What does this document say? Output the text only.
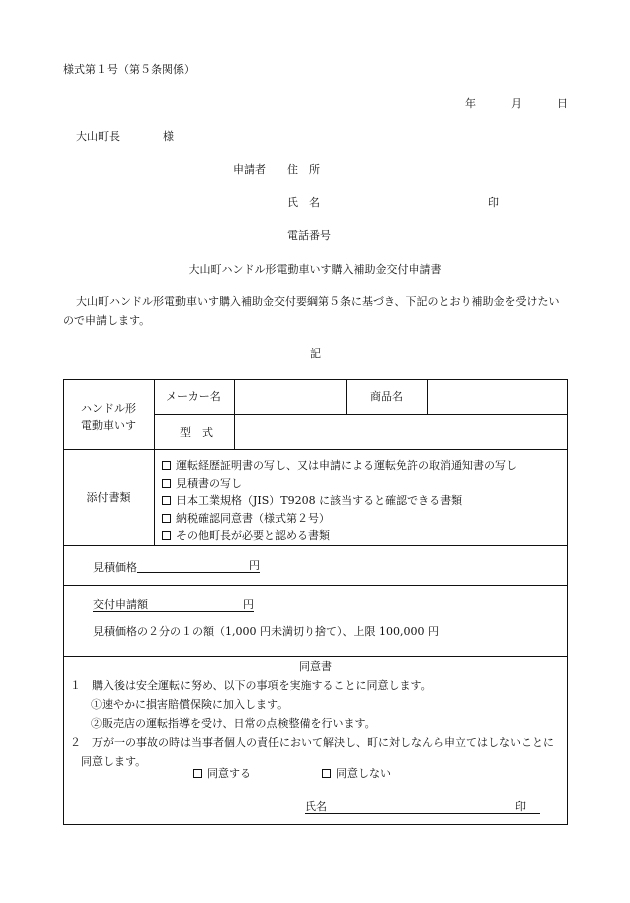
様式第１号（第５条関係）
年	月	日
大山町長	様
申請者 住　所
氏　名	印
電話番号
大山町ハンドル形電動車いす購入補助金交付申請書
大山町ハンドル形電動車いす購入補助金交付要綱第５条に基づき、下記のとおり補助金を受けたい
ので申請します。
記
ハンドル形
電動車いす
メーカー名	商品名
型　式
添付書類
運転経歴証明書の写し、又は申請による運転免許の取消通知書の写し
見積書の写し
日本工業規格（JIS）T9208 に該当すると確認できる書類
納税確認同意書（様式第２号）
その他町長が必要と認める書類
見積価格	円
交付申請額	円
見積価格の２分の１の額（1,000 円未満切り捨て）、上限 100,000 円
同意書
１　購入後は安全運転に努め、以下の事項を実施することに同意します。
①速やかに損害賠償保険に加入します。
②販売店の運転指導を受け、日常の点検整備を行います。
２　万が一の事故の時は当事者個人の責任において解決し、町に対しなんら申立てはしないことに
同意します。
同意する	同意しない
氏名	印
